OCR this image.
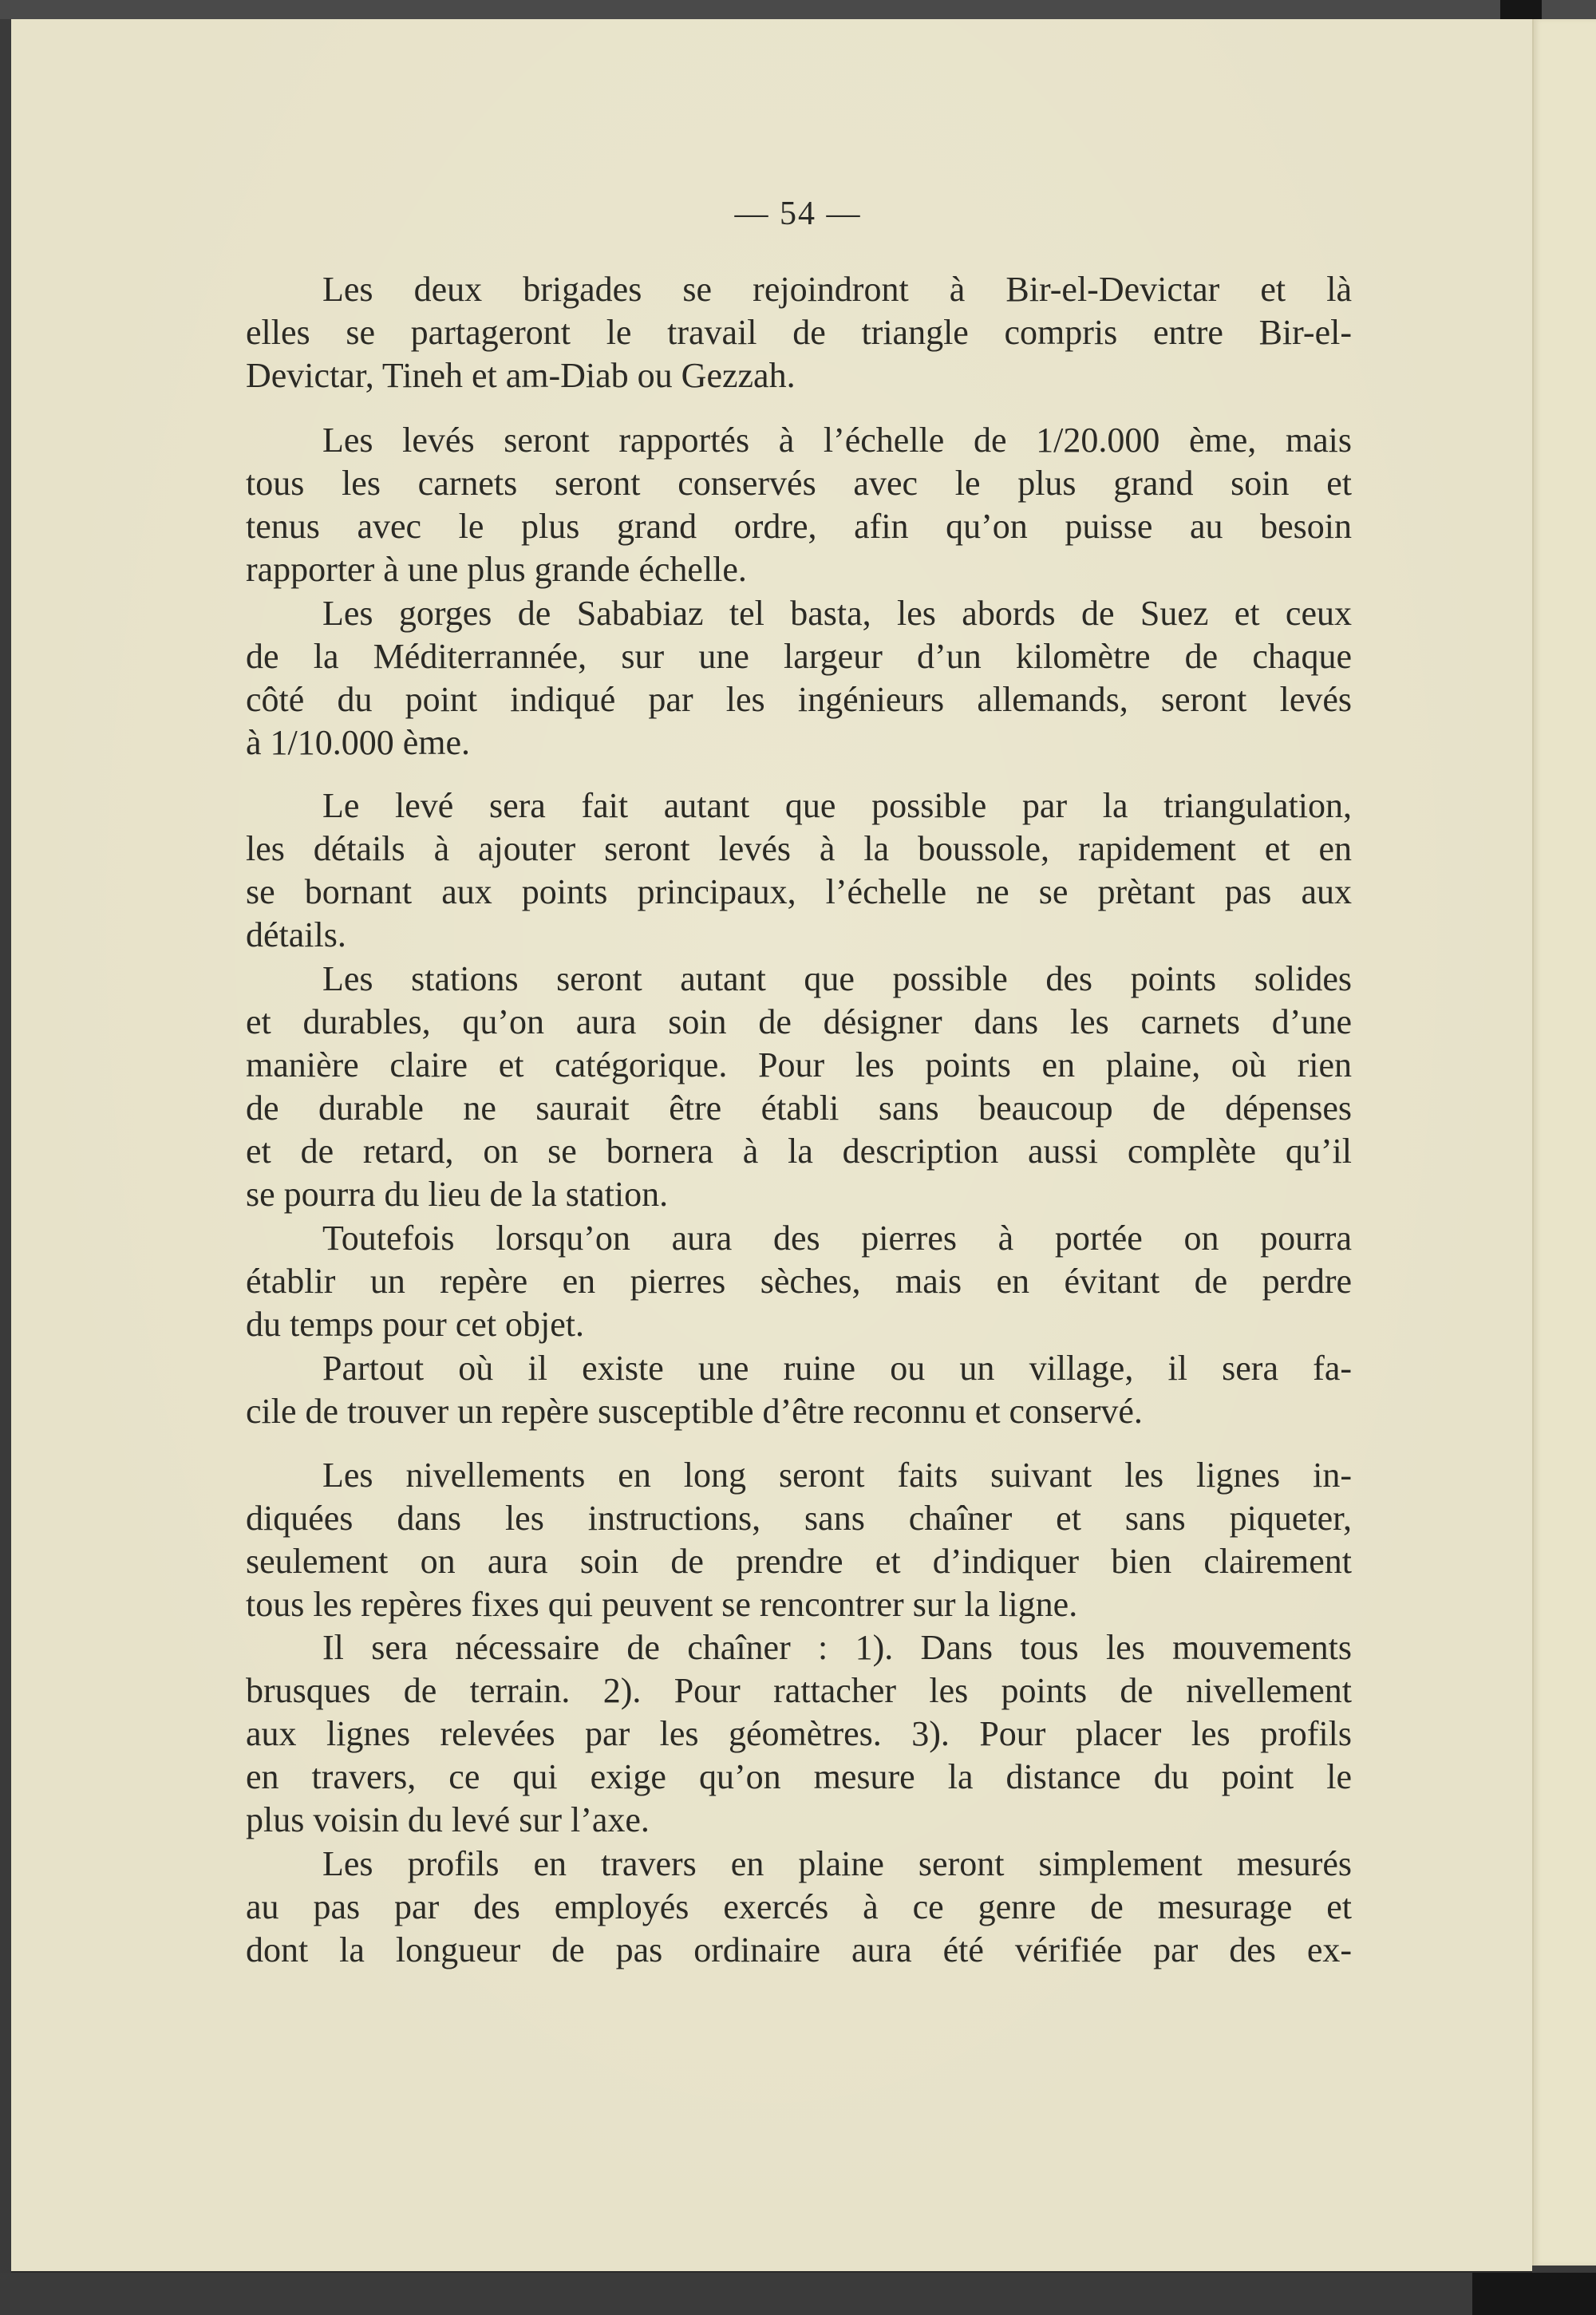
— 54 —
Les deux brigades se rejoindront à Bir-el-Devictar et là
elles se partageront le travail de triangle compris entre Bir-el-
Devictar, Tineh et am-Diab ou Gezzah.
Les levés seront rapportés à l’échelle de 1/20.000 ème, mais
tous les carnets seront conservés avec le plus grand soin et
tenus avec le plus grand ordre, afin qu’on puisse au besoin
rapporter à une plus grande échelle.
Les gorges de Sababiaz tel basta, les abords de Suez et ceux
de la Méditerrannée, sur une largeur d’un kilomètre de chaque
côté du point indiqué par les ingénieurs allemands, seront levés
à 1/10.000 ème.
Le levé sera fait autant que possible par la triangulation,
les détails à ajouter seront levés à la boussole, rapidement et en
se bornant aux points principaux, l’échelle ne se prètant pas aux
détails.
Les stations seront autant que possible des points solides
et durables, qu’on aura soin de désigner dans les carnets d’une
manière claire et catégorique. Pour les points en plaine, où rien
de durable ne saurait être établi sans beaucoup de dépenses
et de retard, on se bornera à la description aussi complète qu’il
se pourra du lieu de la station.
Toutefois lorsqu’on aura des pierres à portée on pourra
établir un repère en pierres sèches, mais en évitant de perdre
du temps pour cet objet.
Partout où il existe une ruine ou un village, il sera fa-
cile de trouver un repère susceptible d’être reconnu et conservé.
Les nivellements en long seront faits suivant les lignes in-
diquées dans les instructions, sans chaîner et sans piqueter,
seulement on aura soin de prendre et d’indiquer bien clairement
tous les repères fixes qui peuvent se rencontrer sur la ligne.
Il sera nécessaire de chaîner : 1). Dans tous les mouvements
brusques de terrain. 2). Pour rattacher les points de nivellement
aux lignes relevées par les géomètres. 3). Pour placer les profils
en travers, ce qui exige qu’on mesure la distance du point le
plus voisin du levé sur l’axe.
Les profils en travers en plaine seront simplement mesurés
au pas par des employés exercés à ce genre de mesurage et
dont la longueur de pas ordinaire aura été vérifiée par des ex-
